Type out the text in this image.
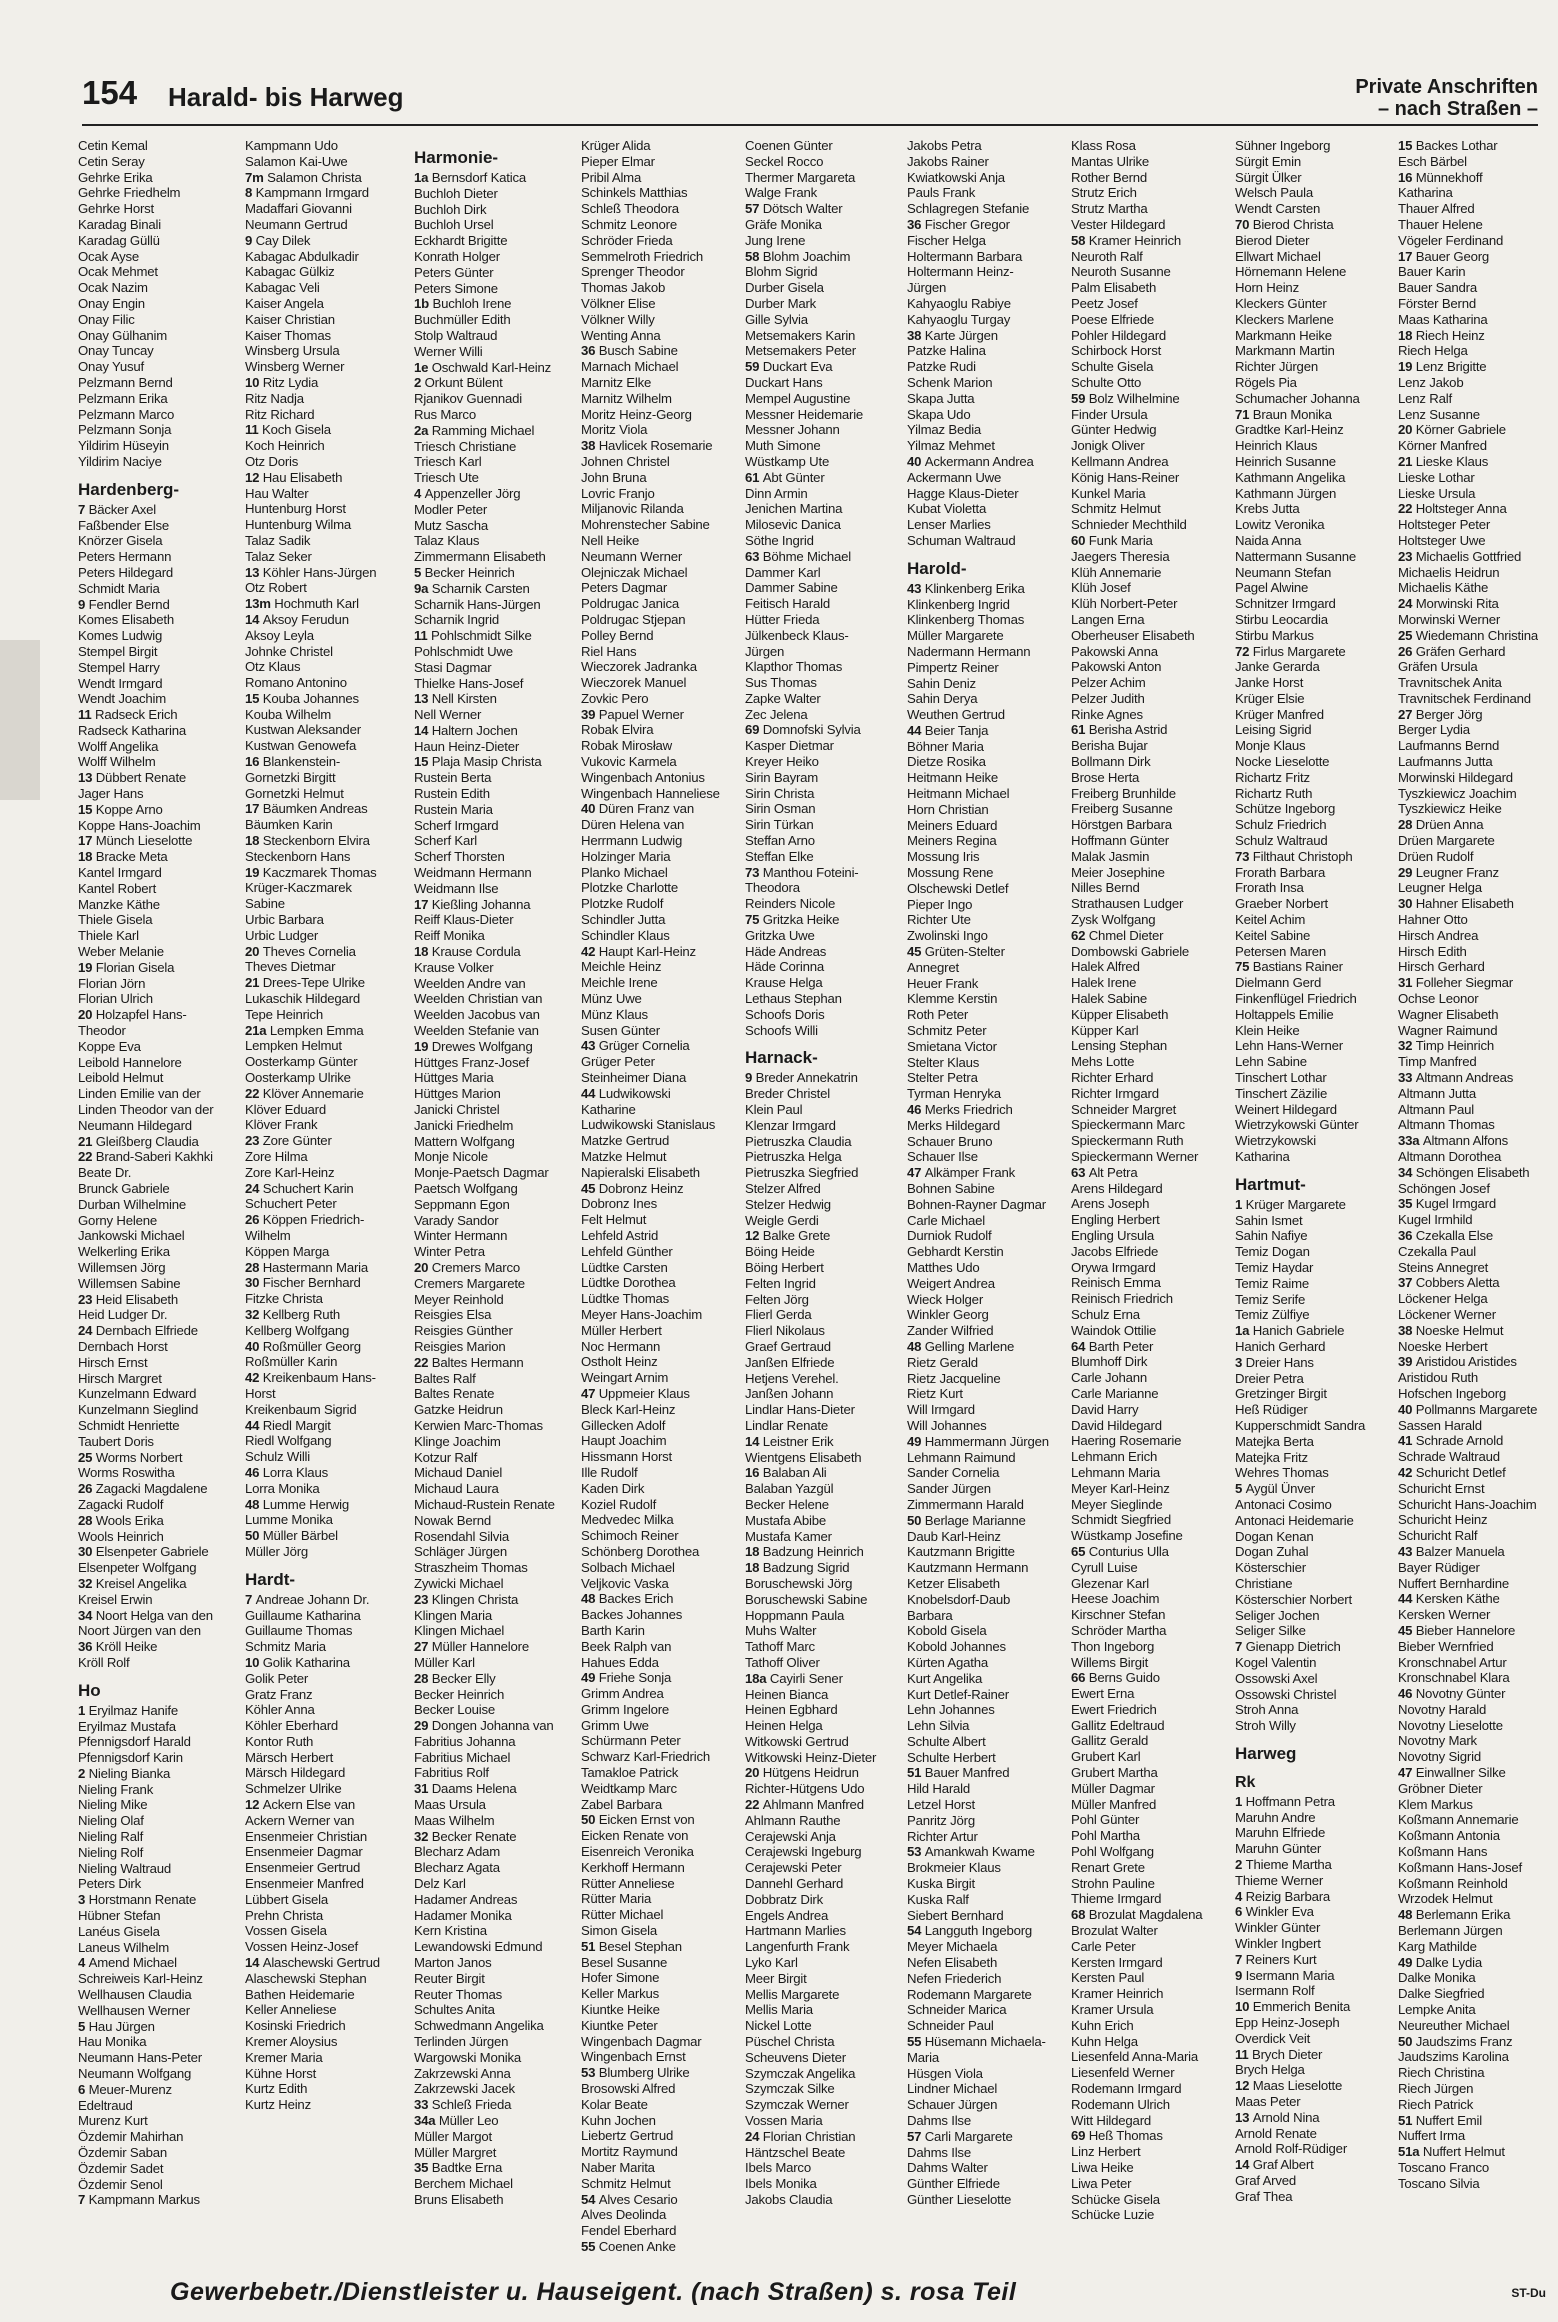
154 Harald- bis Harweg	Private Anschriften
– nach Straßen –
Cetin Kemal
Cetin Seray
Gehrke Erika
Gehrke Friedhelm
Gehrke Horst
Karadag Binali
Karadag Güllü
Ocak Ayse
Ocak Mehmet
Ocak Nazim
Onay Engin
Onay Filic
Onay Gülhanim
Onay Tuncay
Onay Yusuf
Pelzmann Bernd
Pelzmann Erika
Pelzmann Marco
Pelzmann Sonja
Yildirim Hüseyin
Yildirim Naciye
Hardenberg-
7 Bäcker Axel
Faßbender Else
Knörzer Gisela
Peters Hermann
Peters Hildegard
Schmidt Maria
9 Fendler Bernd
Komes Elisabeth
Komes Ludwig
Stempel Birgit
Stempel Harry
Wendt Irmgard
Wendt Joachim
11 Radseck Erich
Radseck Katharina
Wolff Angelika
Wolff Wilhelm
13 Dübbert Renate
Jager Hans
15 Koppe Arno
Koppe Hans-Joachim
17 Münch Lieselotte
18 Bracke Meta
Kantel Irmgard
Kantel Robert
Manzke Käthe
Thiele Gisela
Thiele Karl
Weber Melanie
19 Florian Gisela
Florian Jörn
Florian Ulrich
20 Holzapfel Hans-
Theodor
Koppe Eva
Leibold Hannelore
Leibold Helmut
Linden Emilie van der
Linden Theodor van der
Neumann Hildegard
21 Gleißberg Claudia
22 Brand-Saberi Kakhki
Beate Dr.
Brunck Gabriele
Durban Wilhelmine
Gorny Helene
Jankowski Michael
Welkerling Erika
Willemsen Jörg
Willemsen Sabine
23 Heid Elisabeth
Heid Ludger Dr.
24 Dernbach Elfriede
Dernbach Horst
Hirsch Ernst
Hirsch Margret
Kunzelmann Edward
Kunzelmann Sieglind
Schmidt Henriette
Taubert Doris
25 Worms Norbert
Worms Roswitha
26 Zagacki Magdalene
Zagacki Rudolf
28 Wools Erika
Wools Heinrich
30 Elsenpeter Gabriele
Elsenpeter Wolfgang
32 Kreisel Angelika
Kreisel Erwin
34 Noort Helga van den
Noort Jürgen van den
36 Kröll Heike
Kröll Rolf
Ho
1 Eryilmaz Hanife
Eryilmaz Mustafa
Pfennigsdorf Harald
Pfennigsdorf Karin
2 Nieling Bianka
Nieling Frank
Nieling Mike
Nieling Olaf
Nieling Ralf
Nieling Rolf
Nieling Waltraud
Peters Dirk
3 Horstmann Renate
Hübner Stefan
Lanéus Gisela
Laneus Wilhelm
4 Amend Michael
Schreiweis Karl-Heinz
Wellhausen Claudia
Wellhausen Werner
5 Hau Jürgen
Hau Monika
Neumann Hans-Peter
Neumann Wolfgang
6 Meuer-Murenz
Edeltraud
Murenz Kurt
Özdemir Mahirhan
Özdemir Saban
Özdemir Sadet
Özdemir Senol
7 Kampmann Markus
Kampmann Udo
Salamon Kai-Uwe
7m Salamon Christa
8 Kampmann Irmgard
Madaffari Giovanni
Neumann Gertrud
9 Cay Dilek
Kabagac Abdulkadir
Kabagac Gülkiz
Kabagac Veli
Kaiser Angela
Kaiser Christian
Kaiser Thomas
Winsberg Ursula
Winsberg Werner
10 Ritz Lydia
Ritz Nadja
Ritz Richard
11 Koch Gisela
Koch Heinrich
Otz Doris
12 Hau Elisabeth
Hau Walter
Huntenburg Horst
Huntenburg Wilma
Talaz Sadik
Talaz Seker
13 Köhler Hans-Jürgen
Otz Robert
13m Hochmuth Karl
14 Aksoy Ferudun
Aksoy Leyla
Johnke Christel
Otz Klaus
Romano Antonino
15 Kouba Johannes
Kouba Wilhelm
Kustwan Aleksander
Kustwan Genowefa
16 Blankenstein-
Gornetzki Birgitt
Gornetzki Helmut
17 Bäumken Andreas
Bäumken Karin
18 Steckenborn Elvira
Steckenborn Hans
19 Kaczmarek Thomas
Krüger-Kaczmarek
Sabine
Urbic Barbara
Urbic Ludger
20 Theves Cornelia
Theves Dietmar
21 Drees-Tepe Ulrike
Lukaschik Hildegard
Tepe Heinrich
21a Lempken Emma
Lempken Helmut
Oosterkamp Günter
Oosterkamp Ulrike
22 Klöver Annemarie
Klöver Eduard
Klöver Frank
23 Zore Günter
Zore Hilma
Zore Karl-Heinz
24 Schuchert Karin
Schuchert Peter
26 Köppen Friedrich-
Wilhelm
Köppen Marga
28 Hastermann Maria
30 Fischer Bernhard
Fitzke Christa
32 Kellberg Ruth
Kellberg Wolfgang
40 Roßmüller Georg
Roßmüller Karin
42 Kreikenbaum Hans-
Horst
Kreikenbaum Sigrid
44 Riedl Margit
Riedl Wolfgang
Schulz Willi
46 Lorra Klaus
Lorra Monika
48 Lumme Herwig
Lumme Monika
50 Müller Bärbel
Müller Jörg
Hardt-
7 Andreae Johann Dr.
Guillaume Katharina
Guillaume Thomas
Schmitz Maria
10 Golik Katharina
Golik Peter
Gratz Franz
Köhler Anna
Köhler Eberhard
Kontor Ruth
Märsch Herbert
Märsch Hildegard
Schmelzer Ulrike
12 Ackern Else van
Ackern Werner van
Ensenmeier Christian
Ensenmeier Dagmar
Ensenmeier Gertrud
Ensenmeier Manfred
Lübbert Gisela
Prehn Christa
Vossen Gisela
Vossen Heinz-Josef
14 Alaschewski Gertrud
Alaschewski Stephan
Bathen Heidemarie
Keller Anneliese
Kosinski Friedrich
Kremer Aloysius
Kremer Maria
Kühne Horst
Kurtz Edith
Kurtz Heinz
Harmonie-
1a Bernsdorf Katica
Buchloh Dieter
Buchloh Dirk
Buchloh Ursel
Eckhardt Brigitte
Konrath Holger
Peters Günter
Peters Simone
1b Buchloh Irene
Buchmüller Edith
Stolp Waltraud
Werner Willi
1e Oschwald Karl-Heinz
2 Orkunt Bülent
Rjanikov Guennadi
Rus Marco
2a Ramming Michael
Triesch Christiane
Triesch Karl
Triesch Ute
4 Appenzeller Jörg
Modler Peter
Mutz Sascha
Talaz Klaus
Zimmermann Elisabeth
5 Becker Heinrich
9a Scharnik Carsten
Scharnik Hans-Jürgen
Scharnik Ingrid
11 Pohlschmidt Silke
Pohlschmidt Uwe
Stasi Dagmar
Thielke Hans-Josef
13 Nell Kirsten
Nell Werner
14 Haltern Jochen
Haun Heinz-Dieter
15 Plaja Masip Christa
Rustein Berta
Rustein Edith
Rustein Maria
Scherf Irmgard
Scherf Karl
Scherf Thorsten
Weidmann Hermann
Weidmann Ilse
17 Kießling Johanna
Reiff Klaus-Dieter
Reiff Monika
18 Krause Cordula
Krause Volker
Weelden Andre van
Weelden Christian van
Weelden Jacobus van
Weelden Stefanie van
19 Drewes Wolfgang
Hüttges Franz-Josef
Hüttges Maria
Hüttges Marion
Janicki Christel
Janicki Friedhelm
Mattern Wolfgang
Monje Nicole
Monje-Paetsch Dagmar
Paetsch Wolfgang
Seppmann Egon
Varady Sandor
Winter Hermann
Winter Petra
20 Cremers Marco
Cremers Margarete
Meyer Reinhold
Reisgies Elsa
Reisgies Günther
Reisgies Marion
22 Baltes Hermann
Baltes Ralf
Baltes Renate
Gatzke Heidrun
Kerwien Marc-Thomas
Klinge Joachim
Kotzur Ralf
Michaud Daniel
Michaud Laura
Michaud-Rustein Renate
Nowak Bernd
Rosendahl Silvia
Schläger Jürgen
Straszheim Thomas
Zywicki Michael
23 Klingen Christa
Klingen Maria
Klingen Michael
27 Müller Hannelore
Müller Karl
28 Becker Elly
Becker Heinrich
Becker Louise
29 Dongen Johanna van
Fabritius Johanna
Fabritius Michael
Fabritius Rolf
31 Daams Helena
Maas Ursula
Maas Wilhelm
32 Becker Renate
Blecharz Adam
Blecharz Agata
Delz Karl
Hadamer Andreas
Hadamer Monika
Kern Kristina
Lewandowski Edmund
Marton Janos
Reuter Birgit
Reuter Thomas
Schultes Anita
Schwedmann Angelika
Terlinden Jürgen
Wargowski Monika
Zakrzewski Anna
Zakrzewski Jacek
33 Schleß Frieda
34a Müller Leo
Müller Margot
Müller Margret
35 Badtke Erna
Berchem Michael
Bruns Elisabeth
Krüger Alida
Pieper Elmar
Pribil Alma
Schinkels Matthias
Schleß Theodora
Schmitz Leonore
Schröder Frieda
Semmelroth Friedrich
Sprenger Theodor
Thomas Jakob
Völkner Elise
Völkner Willy
Wenting Anna
36 Busch Sabine
Marnach Michael
Marnitz Elke
Marnitz Wilhelm
Moritz Heinz-Georg
Moritz Viola
38 Havlicek Rosemarie
Johnen Christel
John Bruna
Lovric Franjo
Miljanovic Rilanda
Mohrenstecher Sabine
Nell Heike
Neumann Werner
Olejniczak Michael
Peters Dagmar
Poldrugac Janica
Poldrugac Stjepan
Polley Bernd
Riel Hans
Wieczorek Jadranka
Wieczorek Manuel
Zovkic Pero
39 Papuel Werner
Robak Elvira
Robak Mirosław
Vukovic Karmela
Wingenbach Antonius
Wingenbach Hanneliese
40 Düren Franz van
Düren Helena van
Herrmann Ludwig
Holzinger Maria
Planko Michael
Plotzke Charlotte
Plotzke Rudolf
Schindler Jutta
Schindler Klaus
42 Haupt Karl-Heinz
Meichle Heinz
Meichle Irene
Münz Uwe
Münz Klaus
Susen Günter
43 Grüger Cornelia
Grüger Peter
Steinheimer Diana
44 Ludwikowski
Katharine
Ludwikowski Stanislaus
Matzke Gertrud
Matzke Helmut
Napieralski Elisabeth
45 Dobronz Heinz
Dobronz Ines
Felt Helmut
Lehfeld Astrid
Lehfeld Günther
Lüdtke Carsten
Lüdtke Dorothea
Lüdtke Thomas
Meyer Hans-Joachim
Müller Herbert
Noc Hermann
Ostholt Heinz
Weingart Arnim
47 Uppmeier Klaus
Bleck Karl-Heinz
Gillecken Adolf
Haupt Joachim
Hissmann Horst
Ille Rudolf
Kaden Dirk
Koziel Rudolf
Medvedec Milka
Schimoch Reiner
Schönberg Dorothea
Solbach Michael
Veljkovic Vaska
48 Backes Erich
Backes Johannes
Barth Karin
Beek Ralph van
Hahues Edda
49 Friehe Sonja
Grimm Andrea
Grimm Ingelore
Grimm Uwe
Schürmann Peter
Schwarz Karl-Friedrich
Tamakloe Patrick
Weidtkamp Marc
Zabel Barbara
50 Eicken Ernst von
Eicken Renate von
Eisenreich Veronika
Kerkhoff Hermann
Rütter Anneliese
Rütter Maria
Rütter Michael
Simon Gisela
51 Besel Stephan
Besel Susanne
Hofer Simone
Keller Markus
Kiuntke Heike
Kiuntke Peter
Wingenbach Dagmar
Wingenbach Ernst
53 Blumberg Ulrike
Brosowski Alfred
Kolar Beate
Kuhn Jochen
Liebertz Gertrud
Mortitz Raymund
Naber Marita
Schmitz Helmut
54 Alves Cesario
Alves Deolinda
Fendel Eberhard
55 Coenen Anke
Coenen Günter
Seckel Rocco
Thermer Margareta
Walge Frank
57 Dötsch Walter
Gräfe Monika
Jung Irene
58 Blohm Joachim
Blohm Sigrid
Durber Gisela
Durber Mark
Gille Sylvia
Metsemakers Karin
Metsemakers Peter
59 Duckart Eva
Duckart Hans
Mempel Augustine
Messner Heidemarie
Messner Johann
Muth Simone
Wüstkamp Ute
61 Abt Günter
Dinn Armin
Jenichen Martina
Milosevic Danica
Söthe Ingrid
63 Böhme Michael
Dammer Karl
Dammer Sabine
Feitisch Harald
Hütter Frieda
Jülkenbeck Klaus-
Jürgen
Klapthor Thomas
Sus Thomas
Zapke Walter
Zec Jelena
69 Domnofski Sylvia
Kasper Dietmar
Kreyer Heiko
Sirin Bayram
Sirin Christa
Sirin Osman
Sirin Türkan
Steffan Arno
Steffan Elke
73 Manthou Foteini-
Theodora
Reinders Nicole
75 Gritzka Heike
Gritzka Uwe
Häde Andreas
Häde Corinna
Krause Helga
Lethaus Stephan
Schoofs Doris
Schoofs Willi
Harnack-
9 Breder Annekatrin
Breder Christel
Klein Paul
Klenzar Irmgard
Pietruszka Claudia
Pietruszka Helga
Pietruszka Siegfried
Stelzer Alfred
Stelzer Hedwig
Weigle Gerdi
12 Balke Grete
Böing Heide
Böing Herbert
Felten Ingrid
Felten Jörg
Flierl Gerda
Flierl Nikolaus
Graef Gertraud
Janßen Elfriede
Hetjens Verehel.
Janßen Johann
Lindlar Hans-Dieter
Lindlar Renate
14 Leistner Erik
Wientgens Elisabeth
16 Balaban Ali
Balaban Yazgül
Becker Helene
Mustafa Abibe
Mustafa Kamer
18 Badzung Heinrich
18 Badzung Sigrid
Boruschewski Jörg
Boruschewski Sabine
Hoppmann Paula
Muhs Walter
Tathoff Marc
Tathoff Oliver
18a Cayirli Sener
Heinen Bianca
Heinen Egbhard
Heinen Helga
Witkowski Gertrud
Witkowski Heinz-Dieter
20 Hütgens Heidrun
Richter-Hütgens Udo
22 Ahlmann Manfred
Ahlmann Rauthe
Cerajewski Anja
Cerajewski Ingeburg
Cerajewski Peter
Dannehl Gerhard
Dobbratz Dirk
Engels Andrea
Hartmann Marlies
Langenfurth Frank
Lyko Karl
Meer Birgit
Mellis Margarete
Mellis Maria
Nickel Lotte
Püschel Christa
Scheuvens Dieter
Szymczak Angelika
Szymczak Silke
Szymczak Werner
Vossen Maria
24 Florian Christian
Häntzschel Beate
Ibels Marco
Ibels Monika
Jakobs Claudia
Jakobs Petra
Jakobs Rainer
Kwiatkowski Anja
Pauls Frank
Schlagregen Stefanie
36 Fischer Gregor
Fischer Helga
Holtermann Barbara
Holtermann Heinz-
Jürgen
Kahyaoglu Rabiye
Kahyaoglu Turgay
38 Karte Jürgen
Patzke Halina
Patzke Rudi
Schenk Marion
Skapa Jutta
Skapa Udo
Yilmaz Bedia
Yilmaz Mehmet
40 Ackermann Andrea
Ackermann Uwe
Hagge Klaus-Dieter
Kubat Violetta
Lenser Marlies
Schuman Waltraud
Harold-
43 Klinkenberg Erika
Klinkenberg Ingrid
Klinkenberg Thomas
Müller Margarete
Nadermann Hermann
Pimpertz Reiner
Sahin Deniz
Sahin Derya
Weuthen Gertrud
44 Beier Tanja
Böhner Maria
Dietze Rosika
Heitmann Heike
Heitmann Michael
Horn Christian
Meiners Eduard
Meiners Regina
Mossung Iris
Mossung Rene
Olschewski Detlef
Pieper Ingo
Richter Ute
Zwolinski Ingo
45 Grüten-Stelter
Annegret
Heuer Frank
Klemme Kerstin
Roth Peter
Schmitz Peter
Smietana Victor
Stelter Klaus
Stelter Petra
Tyrman Henryka
46 Merks Friedrich
Merks Hildegard
Schauer Bruno
Schauer Ilse
47 Alkämper Frank
Bohnen Sabine
Bohnen-Rayner Dagmar
Carle Michael
Durniok Rudolf
Gebhardt Kerstin
Matthes Udo
Weigert Andrea
Wieck Holger
Winkler Georg
Zander Wilfried
48 Gelling Marlene
Rietz Gerald
Rietz Jacqueline
Rietz Kurt
Will Irmgard
Will Johannes
49 Hammermann Jürgen
Lehmann Raimund
Sander Cornelia
Sander Jürgen
Zimmermann Harald
50 Berlage Marianne
Daub Karl-Heinz
Kautzmann Brigitte
Kautzmann Hermann
Ketzer Elisabeth
Knobelsdorf-Daub
Barbara
Kobold Gisela
Kobold Johannes
Kürten Agatha
Kurt Angelika
Kurt Detlef-Rainer
Lehn Johannes
Lehn Silvia
Schulte Albert
Schulte Herbert
51 Bauer Manfred
Hild Harald
Letzel Horst
Panritz Jörg
Richter Artur
53 Amankwah Kwame
Brokmeier Klaus
Kuska Birgit
Kuska Ralf
Siebert Bernhard
54 Langguth Ingeborg
Meyer Michaela
Nefen Elisabeth
Nefen Friederich
Rodemann Margarete
Schneider Marica
Schneider Paul
55 Hüsemann Michaela-
Maria
Hüsgen Viola
Lindner Michael
Schauer Jürgen
Dahms Ilse
57 Carli Margarete
Dahms Ilse
Dahms Walter
Günther Elfriede
Günther Lieselotte
Klass Rosa
Mantas Ulrike
Rother Bernd
Strutz Erich
Strutz Martha
Vester Hildegard
58 Kramer Heinrich
Neuroth Ralf
Neuroth Susanne
Palm Elisabeth
Peetz Josef
Poese Elfriede
Pohler Hildegard
Schirbock Horst
Schulte Gisela
Schulte Otto
59 Bolz Wilhelmine
Finder Ursula
Günter Hedwig
Jonigk Oliver
Kellmann Andrea
König Hans-Reiner
Kunkel Maria
Schmitz Helmut
Schnieder Mechthild
60 Funk Maria
Jaegers Theresia
Klüh Annemarie
Klüh Josef
Klüh Norbert-Peter
Langen Erna
Oberheuser Elisabeth
Pakowski Anna
Pakowski Anton
Pelzer Achim
Pelzer Judith
Rinke Agnes
61 Berisha Astrid
Berisha Bujar
Bollmann Dirk
Brose Herta
Freiberg Brunhilde
Freiberg Susanne
Hörstgen Barbara
Hoffmann Günter
Malak Jasmin
Meier Josephine
Nilles Bernd
Strathausen Ludger
Zysk Wolfgang
62 Chmel Dieter
Dombowski Gabriele
Halek Alfred
Halek Irene
Halek Sabine
Küpper Elisabeth
Küpper Karl
Lensing Stephan
Mehs Lotte
Richter Erhard
Richter Irmgard
Schneider Margret
Spieckermann Marc
Spieckermann Ruth
Spieckermann Werner
63 Alt Petra
Arens Hildegard
Arens Joseph
Engling Herbert
Engling Ursula
Jacobs Elfriede
Orywa Irmgard
Reinisch Emma
Reinisch Friedrich
Schulz Erna
Waindok Ottilie
64 Barth Peter
Blumhoff Dirk
Carle Johann
Carle Marianne
David Harry
David Hildegard
Haering Rosemarie
Lehmann Erich
Lehmann Maria
Meyer Karl-Heinz
Meyer Sieglinde
Schmidt Siegfried
Wüstkamp Josefine
65 Conturius Ulla
Cyrull Luise
Glezenar Karl
Heese Joachim
Kirschner Stefan
Schröder Martha
Thon Ingeborg
Willems Birgit
66 Berns Guido
Ewert Erna
Ewert Friedrich
Gallitz Edeltraud
Gallitz Gerald
Grubert Karl
Grubert Martha
Müller Dagmar
Müller Manfred
Pohl Günter
Pohl Martha
Pohl Wolfgang
Renart Grete
Strohn Pauline
Thieme Irmgard
68 Brozulat Magdalena
Brozulat Walter
Carle Peter
Kersten Irmgard
Kersten Paul
Kramer Heinrich
Kramer Ursula
Kuhn Erich
Kuhn Helga
Liesenfeld Anna-Maria
Liesenfeld Werner
Rodemann Irmgard
Rodemann Ulrich
Witt Hildegard
69 Heß Thomas
Linz Herbert
Liwa Heike
Liwa Peter
Schücke Gisela
Schücke Luzie
Sühner Ingeborg
Sürgit Emin
Sürgit Ülker
Welsch Paula
Wendt Carsten
70 Bierod Christa
Bierod Dieter
Ellwart Michael
Hörnemann Helene
Horn Heinz
Kleckers Günter
Kleckers Marlene
Markmann Heike
Markmann Martin
Richter Jürgen
Rögels Pia
Schumacher Johanna
71 Braun Monika
Gradtke Karl-Heinz
Heinrich Klaus
Heinrich Susanne
Kathmann Angelika
Kathmann Jürgen
Krebs Jutta
Lowitz Veronika
Naida Anna
Nattermann Susanne
Neumann Stefan
Pagel Alwine
Schnitzer Irmgard
Stirbu Leocardia
Stirbu Markus
72 Firlus Margarete
Janke Gerarda
Janke Horst
Krüger Elsie
Krüger Manfred
Leising Sigrid
Monje Klaus
Nocke Lieselotte
Richartz Fritz
Richartz Ruth
Schütze Ingeborg
Schulz Friedrich
Schulz Waltraud
73 Filthaut Christoph
Frorath Barbara
Frorath Insa
Graeber Norbert
Keitel Achim
Keitel Sabine
Petersen Maren
75 Bastians Rainer
Dielmann Gerd
Finkenflügel Friedrich
Holtappels Emilie
Klein Heike
Lehn Hans-Werner
Lehn Sabine
Tinschert Lothar
Tinschert Zäzilie
Weinert Hildegard
Wietrzykowski Günter
Wietrzykowski
Katharina
Hartmut-
1 Krüger Margarete
Sahin Ismet
Sahin Nafiye
Temiz Dogan
Temiz Haydar
Temiz Raime
Temiz Serife
Temiz Zülfiye
1a Hanich Gabriele
Hanich Gerhard
3 Dreier Hans
Dreier Petra
Gretzinger Birgit
Heß Rüdiger
Kupperschmidt Sandra
Matejka Berta
Matejka Fritz
Wehres Thomas
5 Aygül Ünver
Antonaci Cosimo
Antonaci Heidemarie
Dogan Kenan
Dogan Zuhal
Kösterschier
Christiane
Kösterschier Norbert
Seliger Jochen
Seliger Silke
7 Gienapp Dietrich
Kogel Valentin
Ossowski Axel
Ossowski Christel
Stroh Anna
Stroh Willy
Harweg
Rk
1 Hoffmann Petra
Maruhn Andre
Maruhn Elfriede
Maruhn Günter
2 Thieme Martha
Thieme Werner
4 Reizig Barbara
6 Winkler Eva
Winkler Günter
Winkler Ingbert
7 Reiners Kurt
9 Isermann Maria
Isermann Rolf
10 Emmerich Benita
Epp Heinz-Joseph
Overdick Veit
11 Brych Dieter
Brych Helga
12 Maas Lieselotte
Maas Peter
13 Arnold Nina
Arnold Renate
Arnold Rolf-Rüdiger
14 Graf Albert
Graf Arved
Graf Thea
15 Backes Lothar
Esch Bärbel
16 Münnekhoff
Katharina
Thauer Alfred
Thauer Helene
Vögeler Ferdinand
17 Bauer Georg
Bauer Karin
Bauer Sandra
Förster Bernd
Maas Katharina
18 Riech Heinz
Riech Helga
19 Lenz Brigitte
Lenz Jakob
Lenz Ralf
Lenz Susanne
20 Körner Gabriele
Körner Manfred
21 Lieske Klaus
Lieske Lothar
Lieske Ursula
22 Holtsteger Anna
Holtsteger Peter
Holtsteger Uwe
23 Michaelis Gottfried
Michaelis Heidrun
Michaelis Käthe
24 Morwinski Rita
Morwinski Werner
25 Wiedemann Christina
26 Gräfen Gerhard
Gräfen Ursula
Travnitschek Anita
Travnitschek Ferdinand
27 Berger Jörg
Berger Lydia
Laufmanns Bernd
Laufmanns Jutta
Morwinski Hildegard
Tyszkiewicz Joachim
Tyszkiewicz Heike
28 Drüen Anna
Drüen Margarete
Drüen Rudolf
29 Leugner Franz
Leugner Helga
30 Hahner Elisabeth
Hahner Otto
Hirsch Andrea
Hirsch Edith
Hirsch Gerhard
31 Folleher Siegmar
Ochse Leonor
Wagner Elisabeth
Wagner Raimund
32 Timp Heinrich
Timp Manfred
33 Altmann Andreas
Altmann Jutta
Altmann Paul
Altmann Thomas
33a Altmann Alfons
Altmann Dorothea
34 Schöngen Elisabeth
Schöngen Josef
35 Kugel Irmgard
Kugel Irmhild
36 Czekalla Else
Czekalla Paul
Steins Annegret
37 Cobbers Aletta
Löckener Helga
Löckener Werner
38 Noeske Helmut
Noeske Herbert
39 Aristidou Aristides
Aristidou Ruth
Hofschen Ingeborg
40 Pollmanns Margarete
Sassen Harald
41 Schrade Arnold
Schrade Waltraud
42 Schuricht Detlef
Schuricht Ernst
Schuricht Hans-Joachim
Schuricht Heinz
Schuricht Ralf
43 Balzer Manuela
Bayer Rüdiger
Nuffert Bernhardine
44 Kersken Käthe
Kersken Werner
45 Bieber Hannelore
Bieber Wernfried
Kronschnabel Artur
Kronschnabel Klara
46 Novotny Günter
Novotny Harald
Novotny Lieselotte
Novotny Mark
Novotny Sigrid
47 Einwallner Silke
Gröbner Dieter
Klem Markus
Koßmann Annemarie
Koßmann Antonia
Koßmann Hans
Koßmann Hans-Josef
Koßmann Reinhold
Wrzodek Helmut
48 Berlemann Erika
Berlemann Jürgen
Karg Mathilde
49 Dalke Lydia
Dalke Monika
Dalke Siegfried
Lempke Anita
Neureuther Michael
50 Jaudszims Franz
Jaudszims Karolina
Riech Christina
Riech Jürgen
Riech Patrick
51 Nuffert Emil
Nuffert Irma
51a Nuffert Helmut
Toscano Franco
Toscano Silvia
Gewerbebetr./Dienstleister u. Hauseigent. (nach Straßen) s. rosa Teil	ST-Du
